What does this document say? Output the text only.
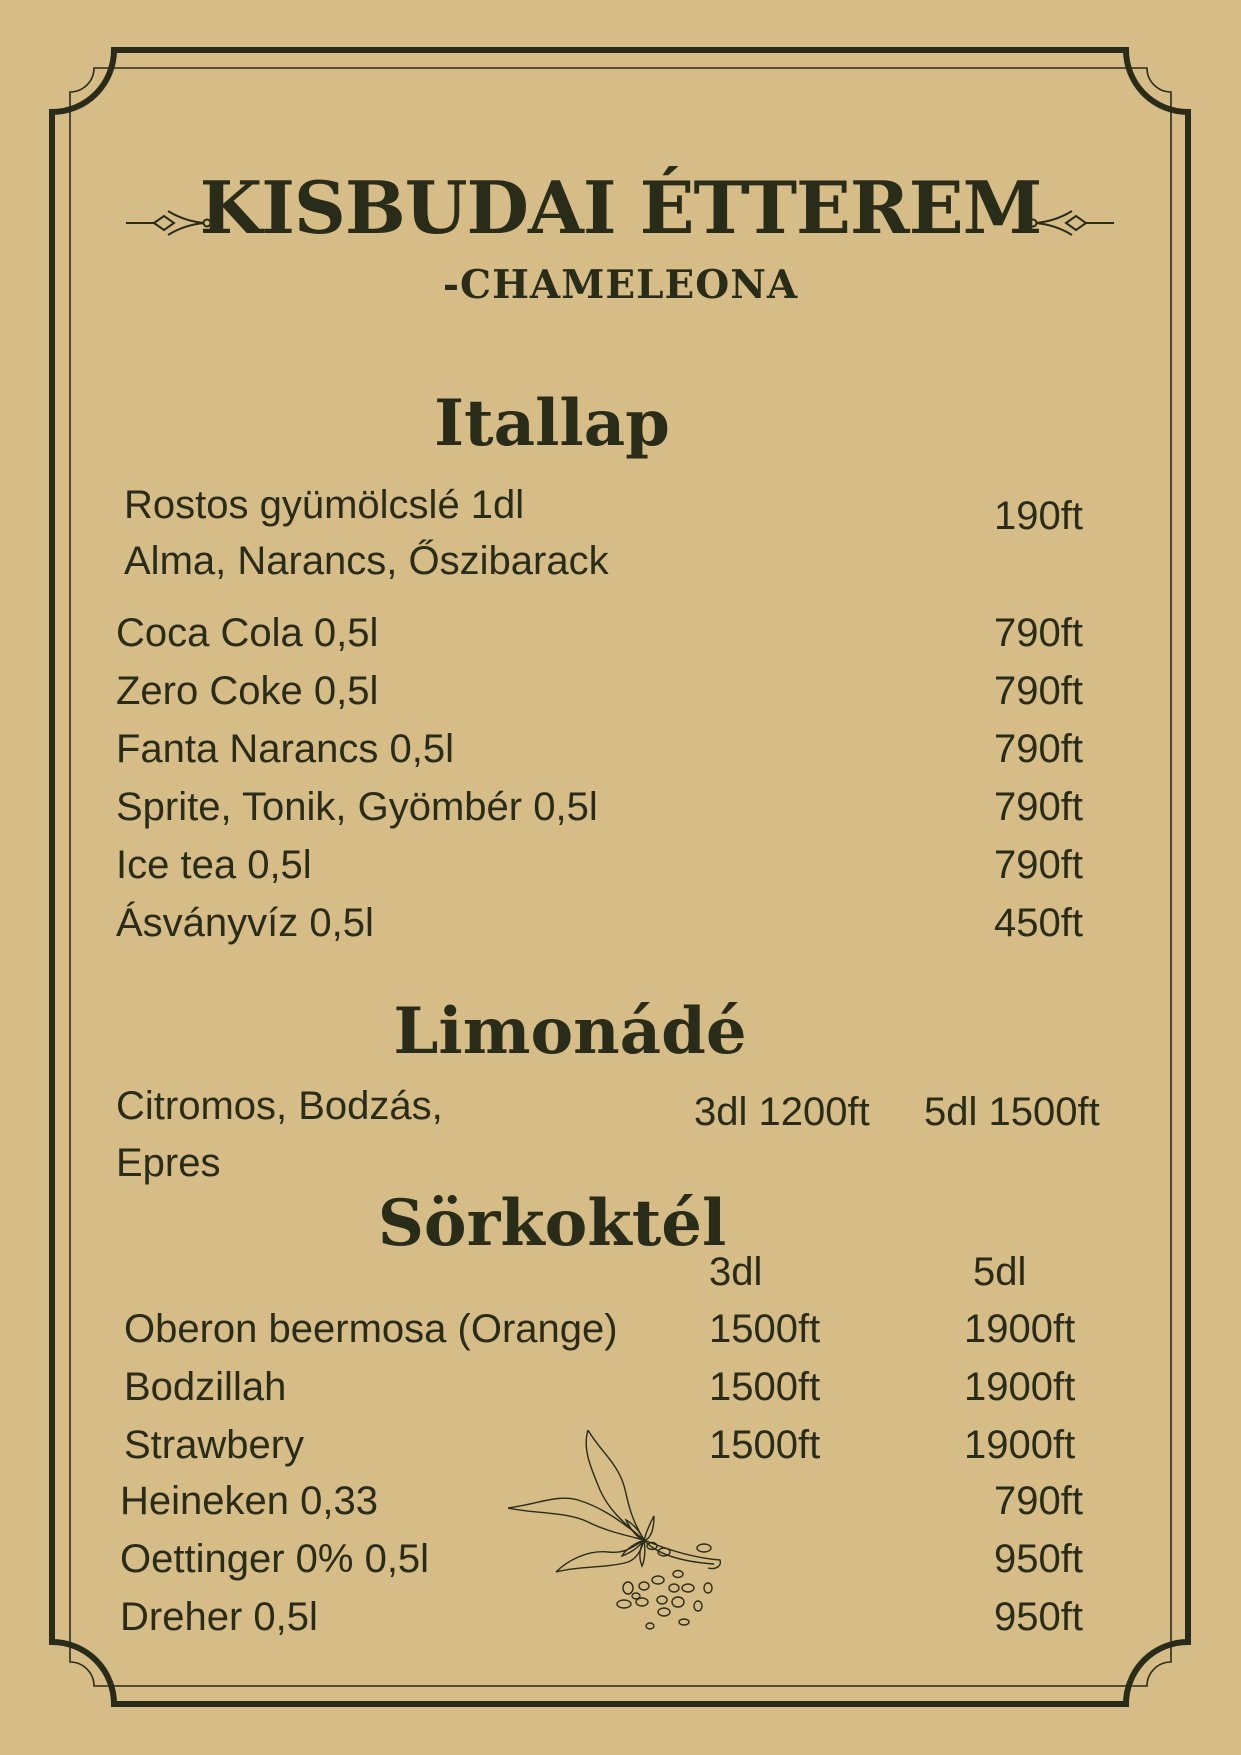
KISBUDAI ÉTTEREM
-CHAMELEONA
Itallap
Rostos gyümölcslé 1dl
Alma, Narancs, Őszibarack
190ft
Coca Cola 0,5l	790ft
Zero Coke 0,5l	790ft
Fanta Narancs 0,5l	790ft
Sprite, Tonik, Gyömbér 0,5l	790ft
Ice tea 0,5l	790ft
Ásványvíz 0,5l	450ft
Limonádé
Citromos, Bodzás,
Epres
3dl 1200ft 5dl 1500ft
Sörkoktél
3dl	5dl
Oberon beermosa (Orange) 1500ft	1900ft
Bodzillah	1500ft	1900ft
Strawbery	1500ft	1900ft
Heineken 0,33	790ft
Oettinger 0% 0,5l	950ft
Dreher 0,5l	950ft
